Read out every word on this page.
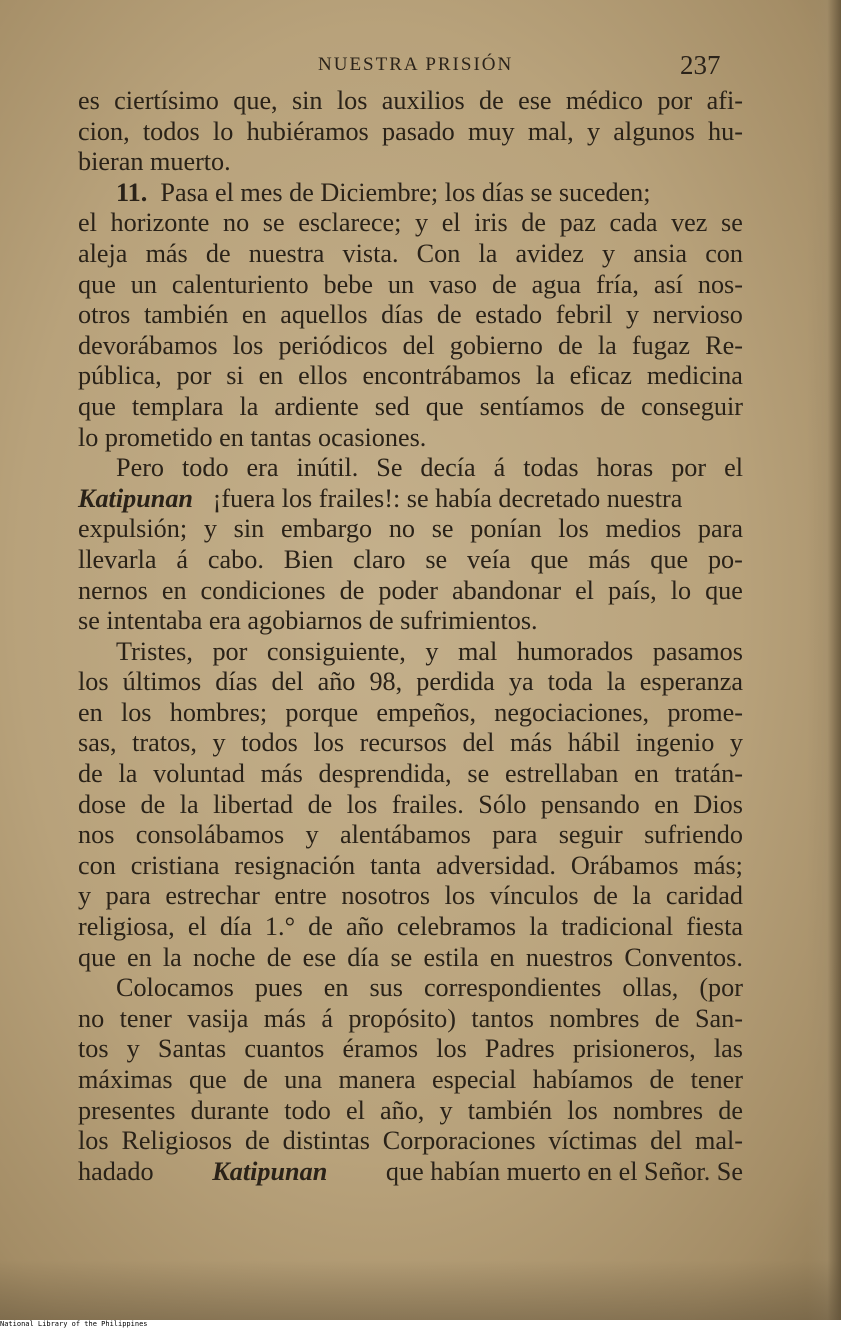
NUESTRA PRISIÓN	237
es ciertísimo que, sin los auxilios de ese médico por afi-
cion, todos lo hubiéramos pasado muy mal, y algunos hu-
bieran muerto.
11.
Pasa el mes de Diciembre; los días se suceden;
el horizonte no se esclarece; y el iris de paz cada vez se
aleja más de nuestra vista. Con la avidez y ansia con
que un calenturiento bebe un vaso de agua fría, así nos-
otros también en aquellos días de estado febril y nervioso
devorábamos los periódicos del gobierno de la fugaz Re-
pública, por si en ellos encontrábamos la eficaz medicina
que templara la ardiente sed que sentíamos de conseguir
lo prometido en tantas ocasiones.
Pero todo era inútil. Se decía á todas horas por el
Katipunan
¡fuera los frailes!: se había decretado nuestra
expulsión; y sin embargo no se ponían los medios para
llevarla á cabo. Bien claro se veía que más que po-
nernos en condiciones de poder abandonar el país, lo que
se intentaba era agobiarnos de sufrimientos.
Tristes, por consiguiente, y mal humorados pasamos
los últimos días del año 98, perdida ya toda la esperanza
en los hombres; porque empeños, negociaciones, prome-
sas, tratos, y todos los recursos del más hábil ingenio y
de la voluntad más desprendida, se estrellaban en tratán-
dose de la libertad de los frailes. Sólo pensando en Dios
nos consolábamos y alentábamos para seguir sufriendo
con cristiana resignación tanta adversidad. Orábamos más;
y para estrechar entre nosotros los vínculos de la caridad
religiosa, el día 1.° de año celebramos la tradicional fiesta
que en la noche de ese día se estila en nuestros Conventos.
Colocamos pues en sus correspondientes ollas, (por
no tener vasija más á propósito) tantos nombres de San-
tos y Santas cuantos éramos los Padres prisioneros, las
máximas que de una manera especial habíamos de tener
presentes durante todo el año, y también los nombres de
los Religiosos de distintas Corporaciones víctimas del mal-
hadado Katipunan que habían muerto en el Señor. Se
National Library of the Philippines
